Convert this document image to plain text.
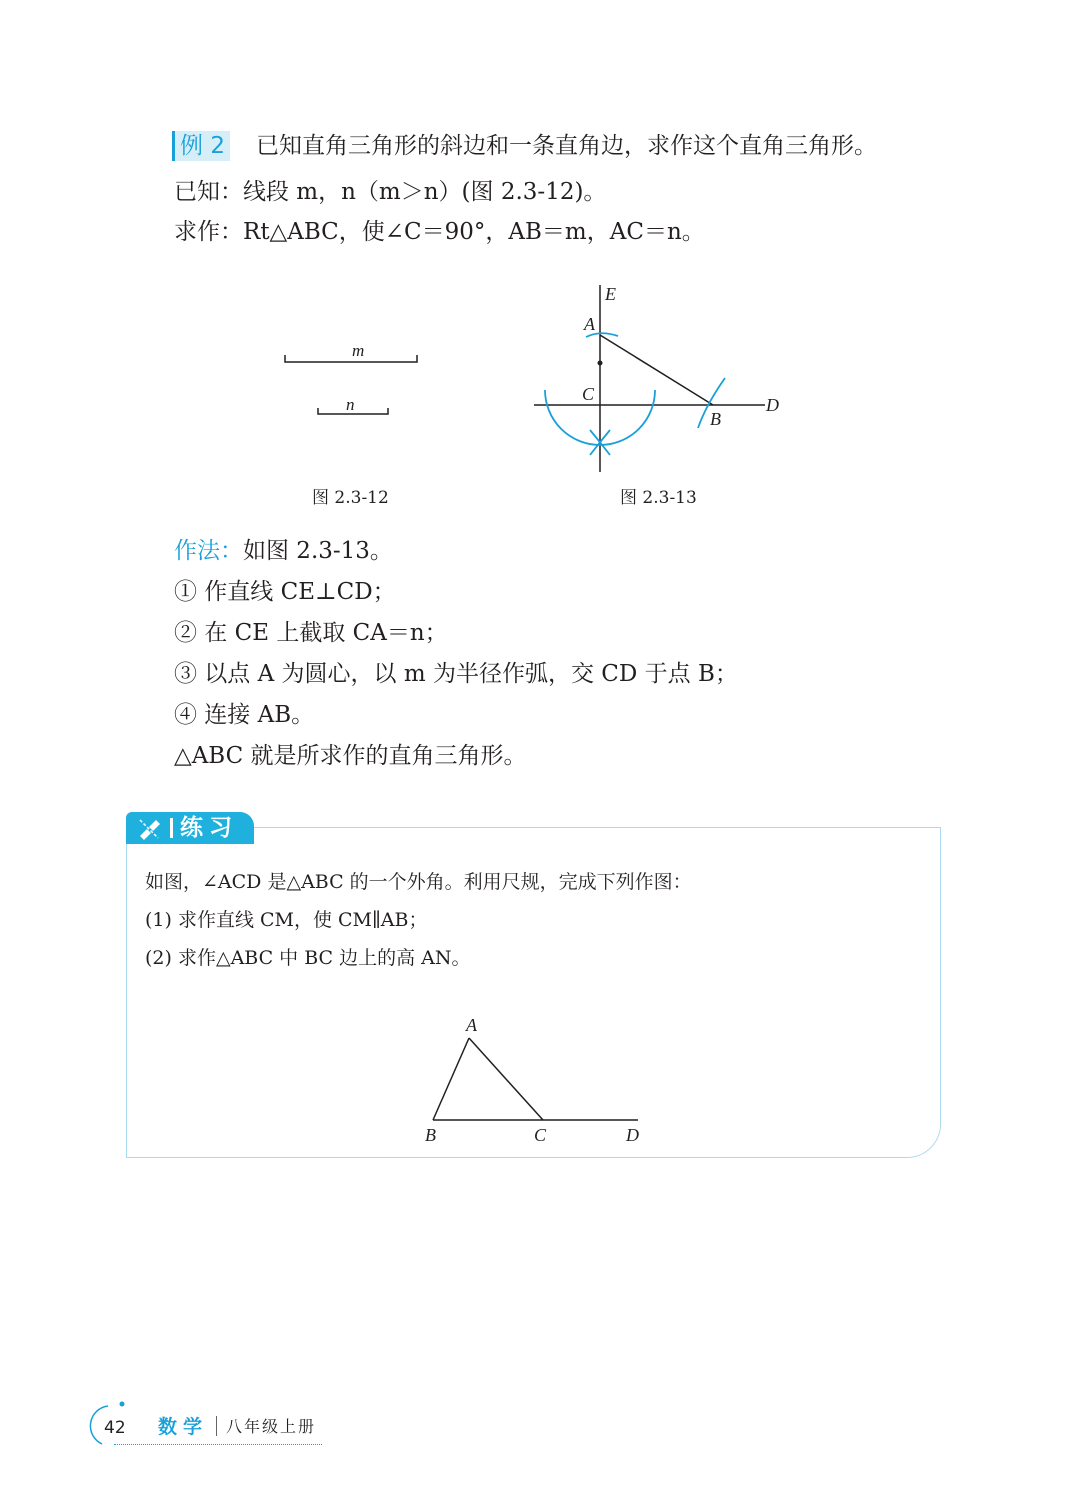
例 2 已知直角三角形的斜边和一条直角边，求作这个直角三角形。
已知：线段 m，n（m＞n）(图 2.3-12)。
求作：Rt△ABC，使∠C＝90°，AB＝m，AC＝n。
m
n
图 2.3-12
E
A
C
B
D
图 2.3-13
作法：如图 2.3-13。
① 作直线 CE⊥CD；
② 在 CE 上截取 CA＝n；
③ 以点 A 为圆心，以 m 为半径作弧，交 CD 于点 B；
④ 连接 AB。
△ABC 就是所求作的直角三角形。
练习
如图，∠ACD 是△ABC 的一个外角。利用尺规，完成下列作图：
(1) 求作直线 CM，使 CM∥AB；
(2) 求作△ABC 中 BC 边上的高 AN。
A
B	C	D
42 数学 八年级上册
